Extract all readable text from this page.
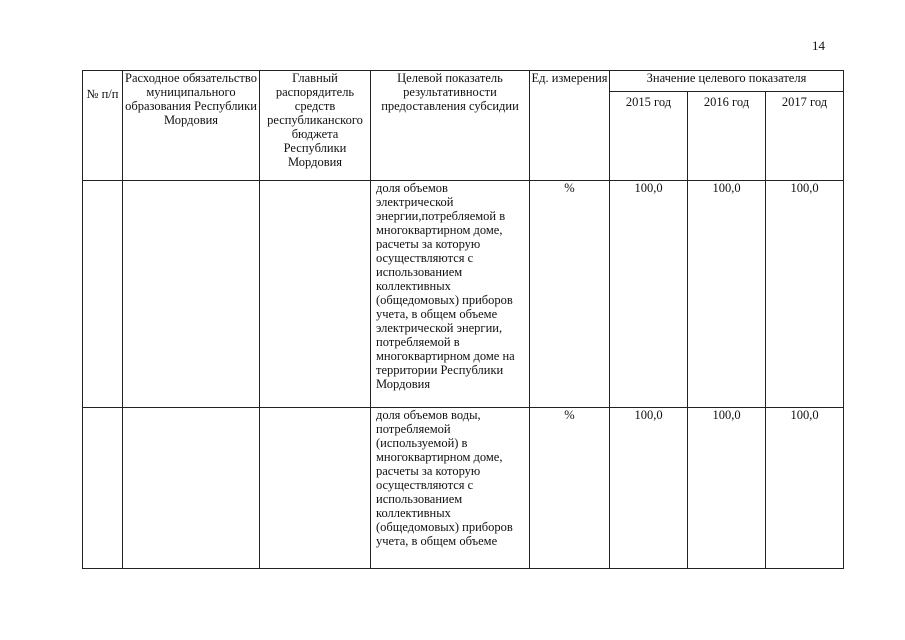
14
№ п/п	Расходное обязательство муниципального образования Республики Мордовия	Главный распорядитель средств республиканского бюджета Республики Мордовия	Целевой показатель результативности предоставления субсидии	Ед. измерения	Значение целевого показателя		

					2015 год	2016 год	2017 год

			доля объемов электрической энергии,потребляемой в многоквартирном доме, расчеты за которую осуществляются с использованием коллективных (общедомовых) приборов учета, в общем объеме электрической энергии, потребляемой в многоквартирном доме на территории Республики Мордовия	%	100,0	100,0	100,0
			доля объемов воды, потребляемой (используемой) в многоквартирном доме, расчеты за которую осуществляются с использованием коллективных (общедомовых) приборов учета, в общем объеме	%	100,0	100,0	100,0
